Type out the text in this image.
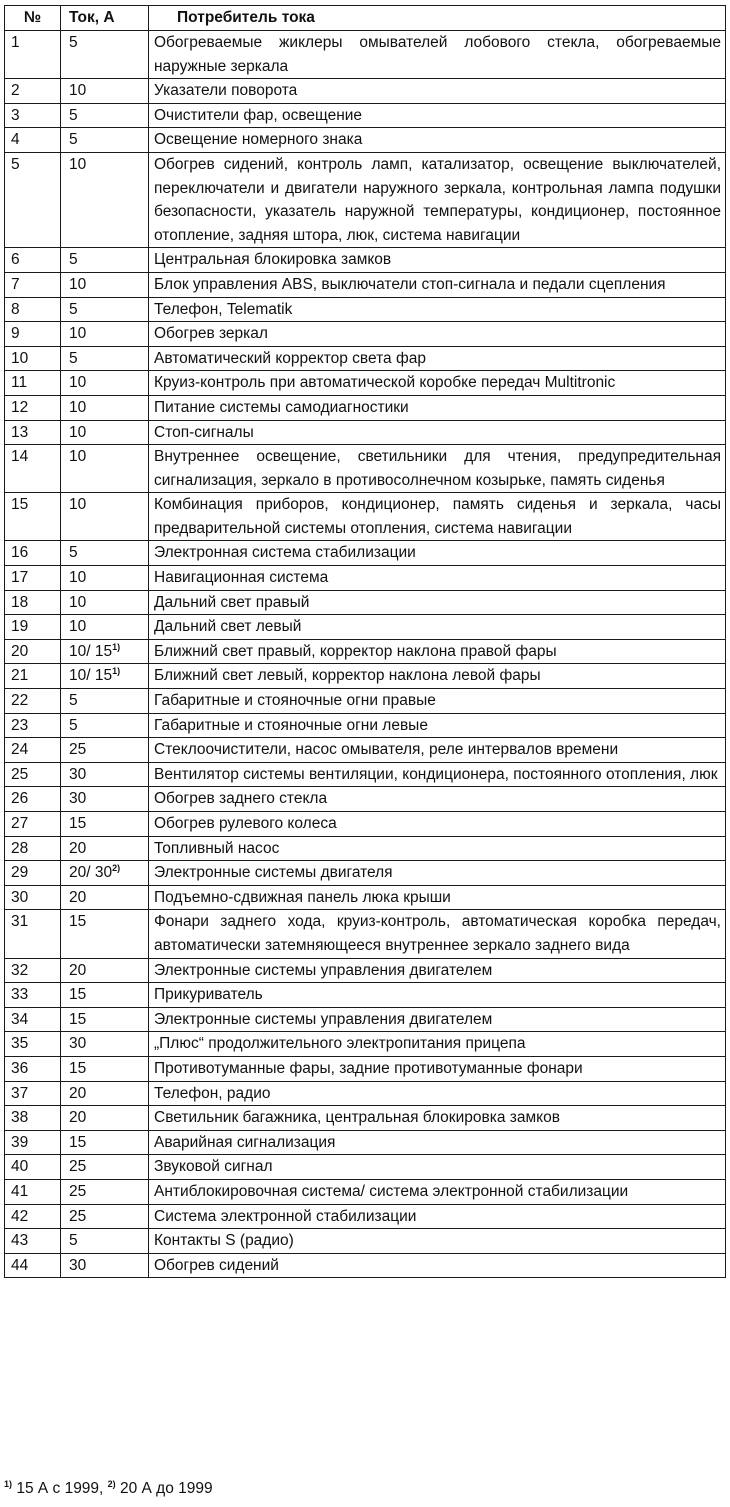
№	Ток, А	Потребитель тока
1	5	Обогреваемые жиклеры омывателей лобового стекла, обогреваемые наружные зеркала
2	10	Указатели поворота
3	5	Очистители фар, освещение
4	5	Освещение номерного знака
5	10	Обогрев сидений, контроль ламп, катализатор, освещение выключателей, переключатели и двигатели наружного зеркала, контрольная лампа подушки безопасности, указатель наружной температуры, кондиционер, постоянное отопление, задняя штора, люк, система навигации
6	5	Центральная блокировка замков
7	10	Блок управления ABS, выключатели стоп-сигнала и педали сцепления
8	5	Телефон, Telematik
9	10	Обогрев зеркал
10	5	Автоматический корректор света фар
11	10	Круиз-контроль при автоматической коробке передач Multitronic
12	10	Питание системы самодиагностики
13	10	Стоп-сигналы
14	10	Внутреннее освещение, светильники для чтения, предупредительная сигнализация, зеркало в противосолнечном козырьке, память сиденья
15	10	Комбинация приборов, кондиционер, память сиденья и зеркала, часы предварительной системы отопления, система навигации
16	5	Электронная система стабилизации
17	10	Навигационная система
18	10	Дальний свет правый
19	10	Дальний свет левый
20	10/ 15$^{1)}$	Ближний свет правый, корректор наклона правой фары
21	10/ 15$^{1)}$	Ближний свет левый, корректор наклона левой фары
22	5	Габаритные и стояночные огни правые
23	5	Габаритные и стояночные огни левые
24	25	Стеклоочистители, насос омывателя, реле интервалов времени
25	30	Вентилятор системы вентиляции, кондиционера, постоянного отопления, люк
26	30	Обогрев заднего стекла
27	15	Обогрев рулевого колеса
28	20	Топливный насос
29	20/ 30$^{2)}$	Электронные системы двигателя
30	20	Подъемно-сдвижная панель люка крыши
31	15	Фонари заднего хода, круиз-контроль, автоматическая коробка передач, автоматически затемняющееся внутреннее зеркало заднего вида
32	20	Электронные системы управления двигателем
33	15	Прикуриватель
34	15	Электронные системы управления двигателем
35	30	„Плюс“ продолжительного электропитания прицепа
36	15	Противотуманные фары, задние противотуманные фонари
37	20	Телефон, радио
38	20	Светильник багажника, центральная блокировка замков
39	15	Аварийная сигнализация
40	25	Звуковой сигнал
41	25	Антиблокировочная система/ система электронной стабилизации
42	25	Система электронной стабилизации
43	5	Контакты S (радио)
44	30	Обогрев сидений
$^{1)}$ 15 А с 1999, $^{2)}$ 20 А до 1999
